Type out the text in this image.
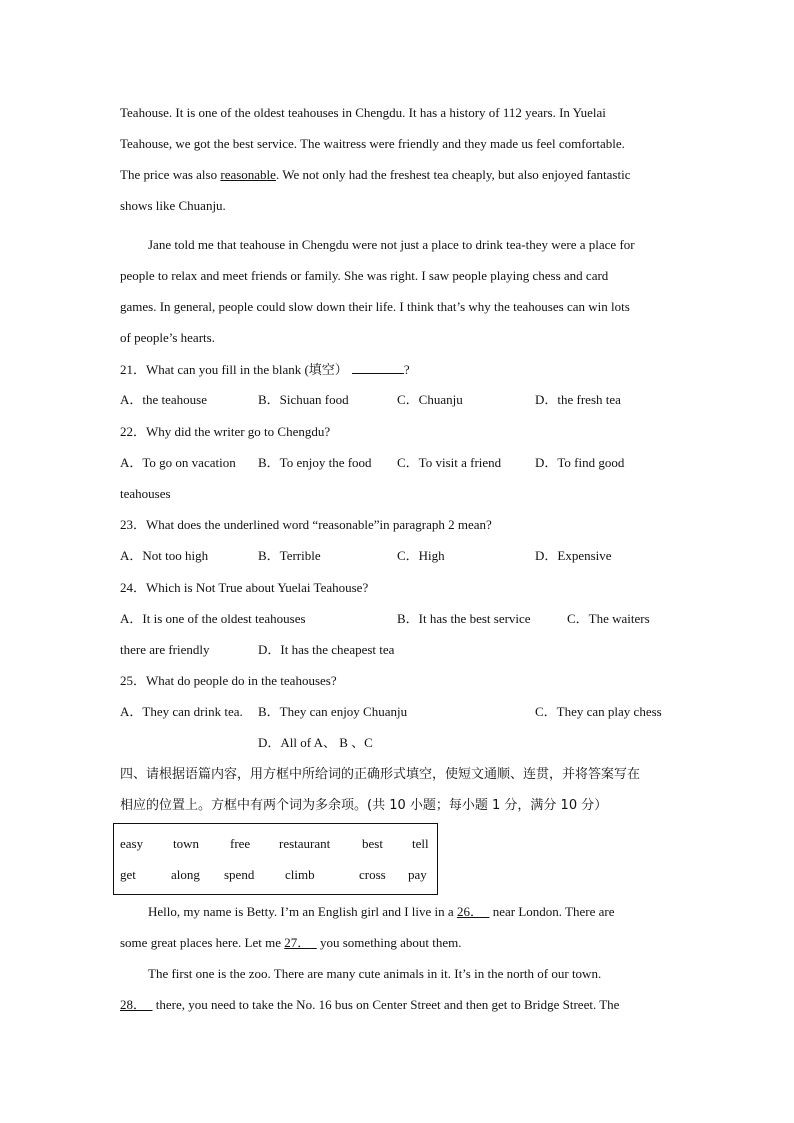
Teahouse. It is one of the oldest teahouses in Chengdu. It has a history of 112 years. In Yuelai
Teahouse, we got the best service. The waitress were friendly and they made us feel comfortable.
The price was also reasonable. We not only had the freshest tea cheaply, but also enjoyed fantastic
shows like Chuanju.
Jane told me that teahouse in Chengdu were not just a place to drink tea-they were a place for
people to relax and meet friends or family. She was right. I saw people playing chess and card
games. In general, people could slow down their life. I think that’s why the teahouses can win lots
of people’s hearts.
21．What can you fill in the blank (填空）	?
A．the teahouse	B．Sichuan food	C．Chuanju	D．the fresh tea
22．Why did the writer go to Chengdu?
A．To go on vacation B．To enjoy the food C．To visit a friend	D．To find good
teahouses
23．What does the underlined word “reasonable”in paragraph 2 mean?
A．Not too high	B．Terrible	C．High	D．Expensive
24．Which is Not True about Yuelai Teahouse?
A．It is one of the oldest teahouses	B．It has the best service	C．The waiters
there are friendly	D．It has the cheapest tea
25．What do people do in the teahouses?
A．They can drink tea. B．They can enjoy Chuanju	C．They can play chess
D．All of A、 B 、C
四、请根据语篇内容，用方框中所给词的正确形式填空，使短文通顺、连贯，并将答案写在
相应的位置上。方框中有两个词为多余项。(共 10 小题；每小题 1 分，满分 10 分）
easy town free restaurant best tell
get	along spend climb	cross pay
Hello, my name is Betty. I’m an English girl and I live in a 26．   near London. There are
some great places here. Let me 27．   you something about them.
The first one is the zoo. There are many cute animals in it. It’s in the north of our town.
28．   there, you need to take the No. 16 bus on Center Street and then get to Bridge Street. The
